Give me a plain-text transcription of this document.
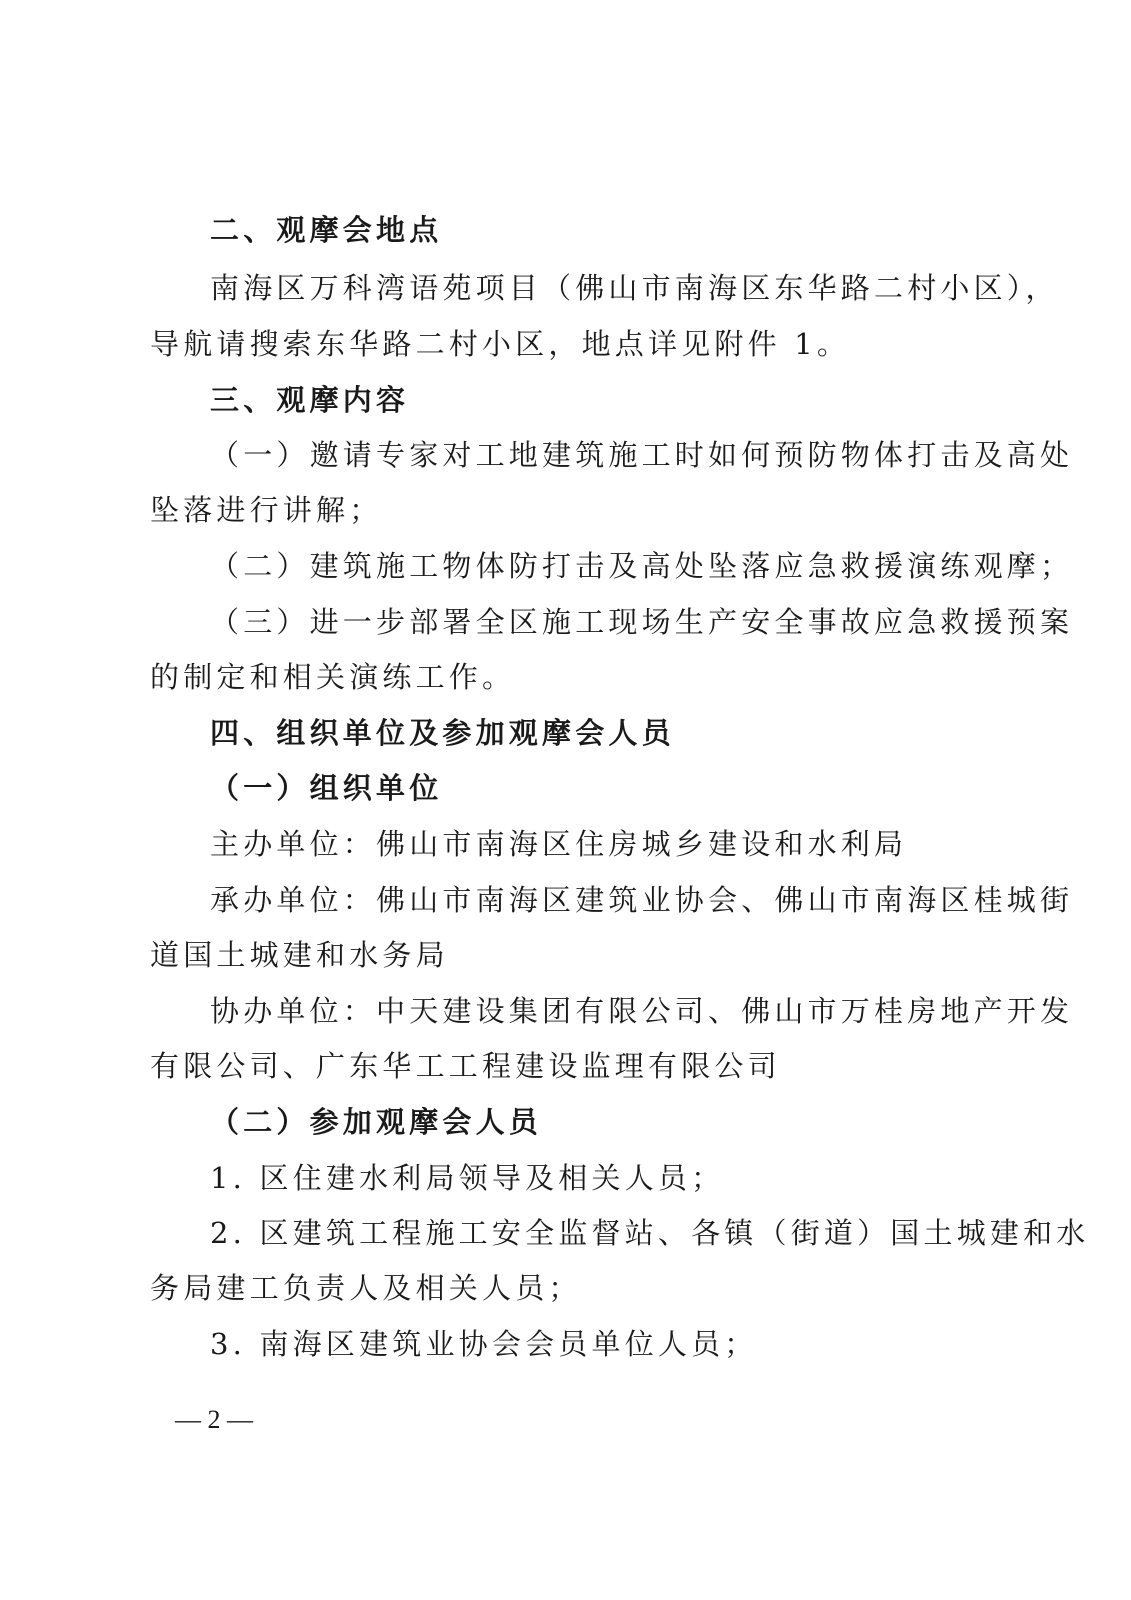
二、观摩会地点
南海区万科湾语苑项目（佛山市南海区东华路二村小区），
导航请搜索东华路二村小区，地点详见附件 1。
三、观摩内容
（一）邀请专家对工地建筑施工时如何预防物体打击及高处
坠落进行讲解；
（二）建筑施工物体防打击及高处坠落应急救援演练观摩；
（三）进一步部署全区施工现场生产安全事故应急救援预案
的制定和相关演练工作。
四、组织单位及参加观摩会人员
（一）组织单位
主办单位：佛山市南海区住房城乡建设和水利局
承办单位：佛山市南海区建筑业协会、佛山市南海区桂城街
道国土城建和水务局
协办单位：中天建设集团有限公司、佛山市万桂房地产开发
有限公司、广东华工工程建设监理有限公司
（二）参加观摩会人员
1. 区住建水利局领导及相关人员；
2. 区建筑工程施工安全监督站、各镇（街道）国土城建和水
务局建工负责人及相关人员；
3. 南海区建筑业协会会员单位人员；
— 2 —
